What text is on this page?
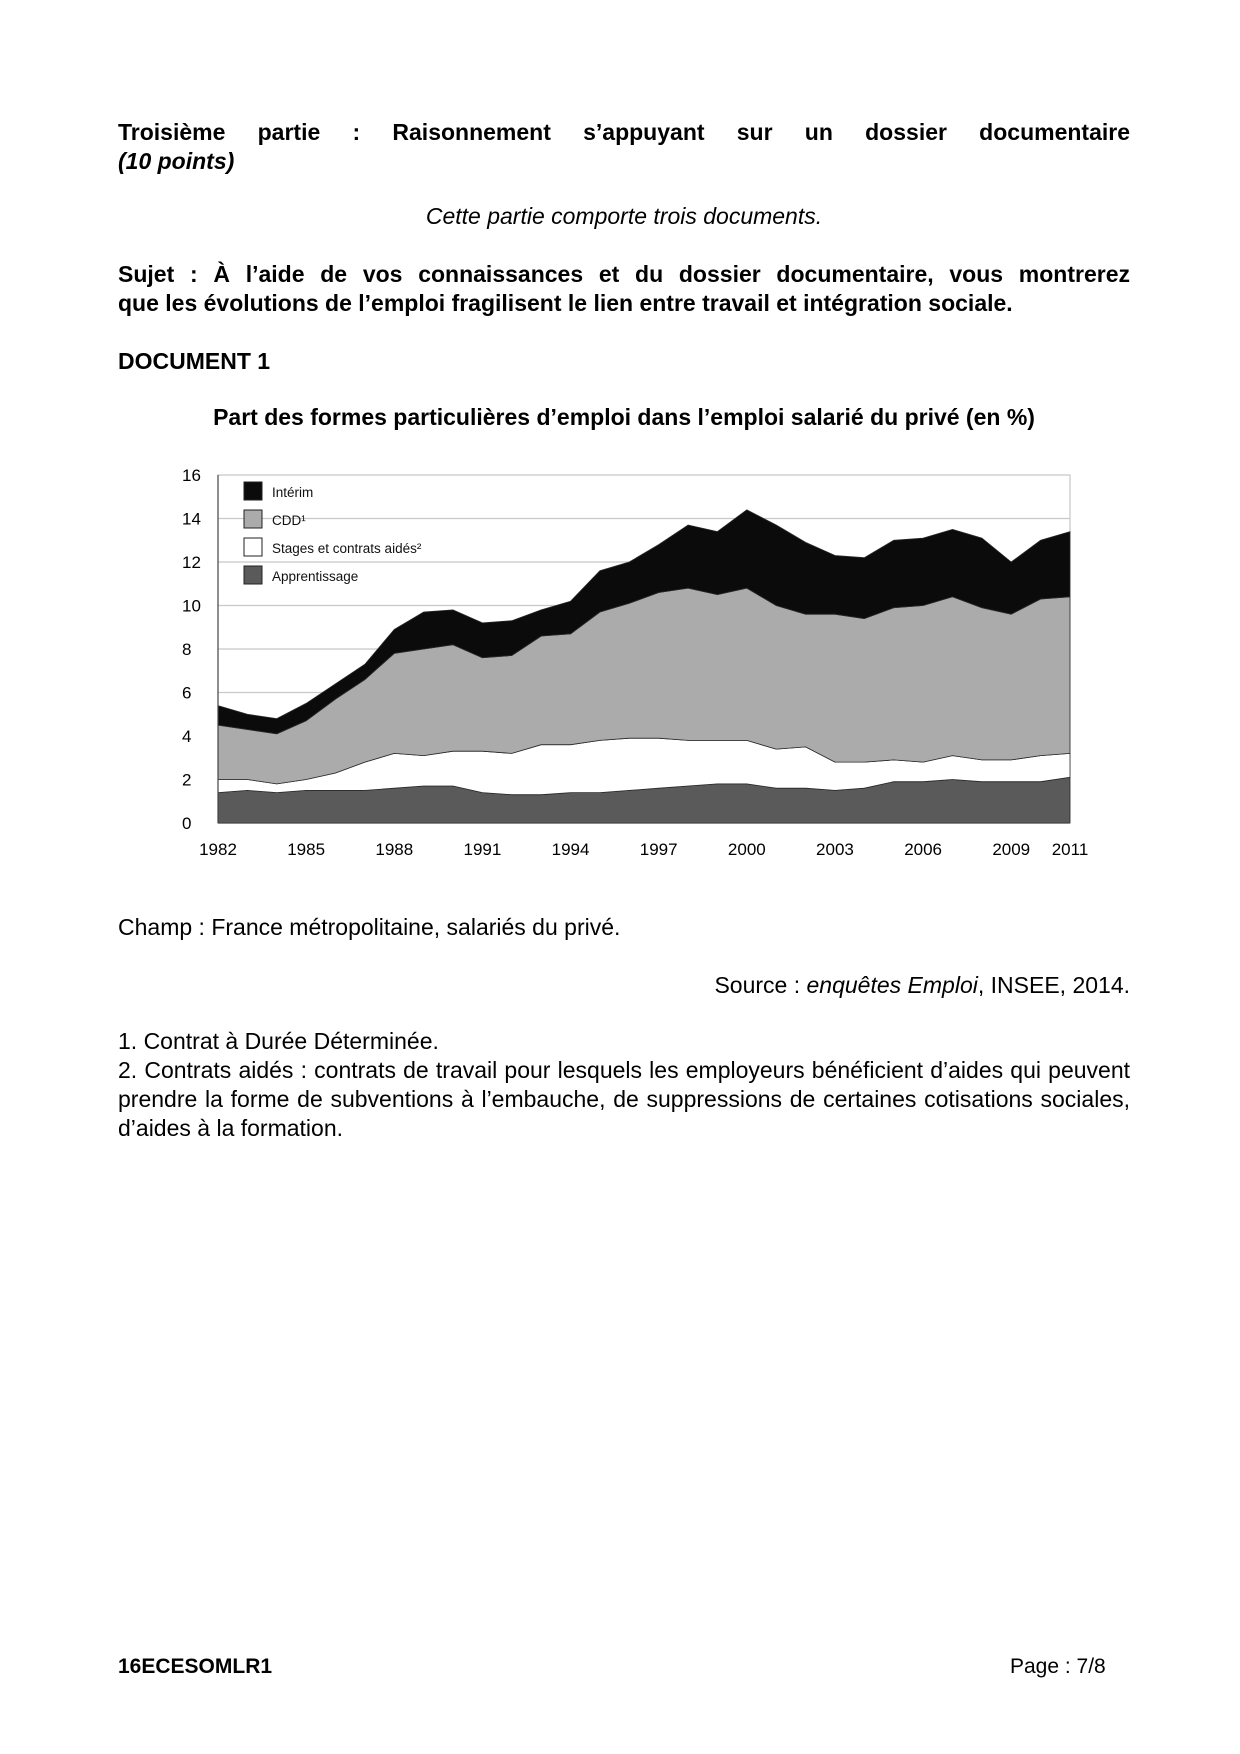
Troisième partie : Raisonnement s’appuyant sur un dossier documentaire
(10 points)
Cette partie comporte trois documents.
Sujet : À l’aide de vos connaissances et du dossier documentaire, vous montrerez
que les évolutions de l’emploi fragilisent le lien entre travail et intégration sociale.
DOCUMENT 1
Part des formes particulières d’emploi dans l’emploi salarié du privé (en %)
0
2
4
6
8
10
12
14
16
1982	1985	1988	1991	1994	1997	2000	2003	2006	2009 2011
Intérim
CDD¹
Stages et contrats aidés²
Apprentissage
Champ : France métropolitaine, salariés du privé.
Source : enquêtes Emploi, INSEE, 2014.
1. Contrat à Durée Déterminée.
2. Contrats aidés : contrats de travail pour lesquels les employeurs bénéficient d’aides qui peuvent prendre la forme de subventions à l’embauche, de suppressions de certaines cotisations sociales, d’aides à la formation.
16ECESOMLR1	Page : 7/8
